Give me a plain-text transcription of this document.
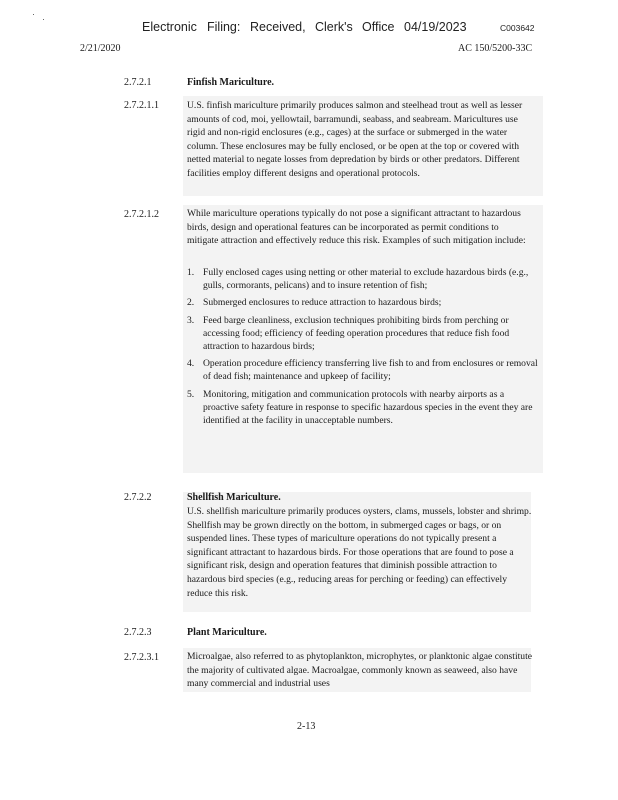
Electronic Filing: Received, Clerk's Office 04/19/2023	C003642
2/21/2020	AC 150/5200-33C
2.7.2.1	Finfish Mariculture.
2.7.2.1.1	U.S. finfish mariculture primarily produces salmon and steelhead trout as well as lesser amounts of cod, moi, yellowtail, barramundi, seabass, and seabream. Maricultures use rigid and non-rigid enclosures (e.g., cages) at the surface or submerged in the water column. These enclosures may be fully enclosed, or be open at the top or covered with netted material to negate losses from depredation by birds or other predators. Different facilities employ different designs and operational protocols.

2.7.2.1.2	While mariculture operations typically do not pose a significant attractant to hazardous birds, design and operational features can be incorporated as permit conditions to mitigate attraction and effectively reduce this risk. Examples of such mitigation include:

1. Fully enclosed cages using netting or other material to exclude hazardous birds (e.g., gulls, cormorants, pelicans) and to insure retention of fish;
2. Submerged enclosures to reduce attraction to hazardous birds;
3. Feed barge cleanliness, exclusion techniques prohibiting birds from perching or accessing food; efficiency of feeding operation procedures that reduce fish food attraction to hazardous birds;
4. Operation procedure efficiency transferring live fish to and from enclosures or removal of dead fish; maintenance and upkeep of facility;
5. Monitoring, mitigation and communication protocols with nearby airports as a proactive safety feature in response to specific hazardous species in the event they are identified at the facility in unacceptable numbers.
2.7.2.2	Shellfish Mariculture.

U.S. shellfish mariculture primarily produces oysters, clams, mussels, lobster and shrimp. Shellfish may be grown directly on the bottom, in submerged cages or bags, or on suspended lines. These types of mariculture operations do not typically present a significant attractant to hazardous birds. For those operations that are found to pose a significant risk, design and operation features that diminish possible attraction to hazardous bird species (e.g., reducing areas for perching or feeding) can effectively reduce this risk.

2.7.2.3	Plant Mariculture.
2.7.2.3.1	Microalgae, also referred to as phytoplankton, microphytes, or planktonic algae constitute the majority of cultivated algae. Macroalgae, commonly known as seaweed, also have many commercial and industrial uses

2-13
